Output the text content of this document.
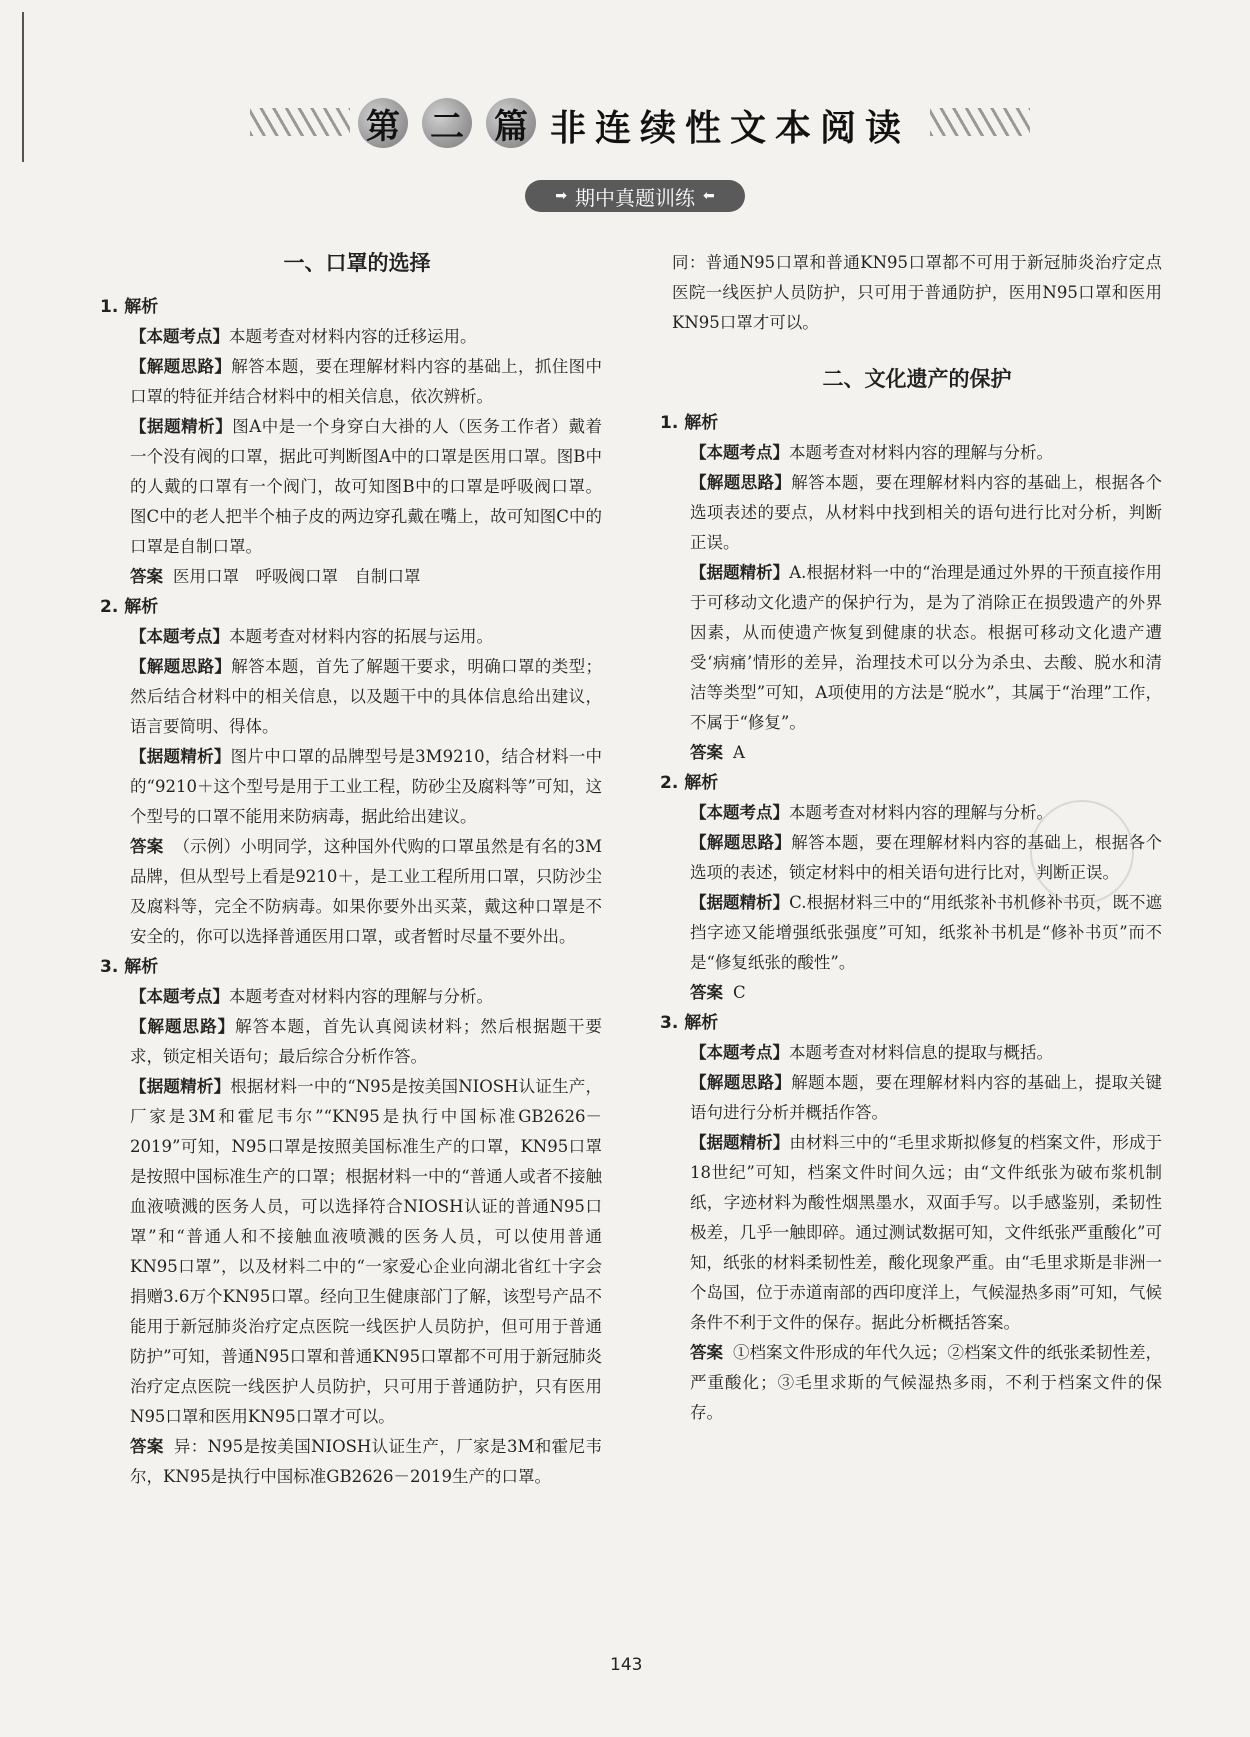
第 二 篇 非连续性文本阅读
➡ 期中真题训练 ⬅
一、口罩的选择
1. 解析

【本题考点】本题考查对材料内容的迁移运用。

【解题思路】解答本题，要在理解材料内容的基础上，抓住图中口罩的特征并结合材料中的相关信息，依次辨析。

【据题精析】图A中是一个身穿白大褂的人（医务工作者）戴着一个没有阀的口罩，据此可判断图A中的口罩是医用口罩。图B中的人戴的口罩有一个阀门，故可知图B中的口罩是呼吸阀口罩。图C中的老人把半个柚子皮的两边穿孔戴在嘴上，故可知图C中的口罩是自制口罩。

答案 医用口罩　呼吸阀口罩　自制口罩

2. 解析

【本题考点】本题考查对材料内容的拓展与运用。

【解题思路】解答本题，首先了解题干要求，明确口罩的类型；然后结合材料中的相关信息，以及题干中的具体信息给出建议，语言要简明、得体。

【据题精析】图片中口罩的品牌型号是3M9210，结合材料一中的“9210＋这个型号是用于工业工程，防砂尘及腐料等”可知，这个型号的口罩不能用来防病毒，据此给出建议。

答案 （示例）小明同学，这种国外代购的口罩虽然是有名的3M品牌，但从型号上看是9210＋，是工业工程所用口罩，只防沙尘及腐料等，完全不防病毒。如果你要外出买菜，戴这种口罩是不安全的，你可以选择普通医用口罩，或者暂时尽量不要外出。

3. 解析

【本题考点】本题考查对材料内容的理解与分析。

【解题思路】解答本题，首先认真阅读材料；然后根据题干要求，锁定相关语句；最后综合分析作答。

【据题精析】根据材料一中的“N95是按美国NIOSH认证生产，厂家是3M和霍尼韦尔”“KN95是执行中国标准GB2626－2019”可知，N95口罩是按照美国标准生产的口罩，KN95口罩是按照中国标准生产的口罩；根据材料一中的“普通人或者不接触血液喷溅的医务人员，可以选择符合NIOSH认证的普通N95口罩”和“普通人和不接触血液喷溅的医务人员，可以使用普通KN95口罩”，以及材料二中的“一家爱心企业向湖北省红十字会捐赠3.6万个KN95口罩。经向卫生健康部门了解，该型号产品不能用于新冠肺炎治疗定点医院一线医护人员防护，但可用于普通防护”可知，普通N95口罩和普通KN95口罩都不可用于新冠肺炎治疗定点医院一线医护人员防护，只可用于普通防护，只有医用N95口罩和医用KN95口罩才可以。

答案 异：N95是按美国NIOSH认证生产，厂家是3M和霍尼韦尔，KN95是执行中国标准GB2626－2019生产的口罩。

同：普通N95口罩和普通KN95口罩都不可用于新冠肺炎治疗定点医院一线医护人员防护，只可用于普通防护，医用N95口罩和医用KN95口罩才可以。

二、文化遗产的保护
1. 解析

【本题考点】本题考查对材料内容的理解与分析。

【解题思路】解答本题，要在理解材料内容的基础上，根据各个选项表述的要点，从材料中找到相关的语句进行比对分析，判断正误。

【据题精析】A.根据材料一中的“治理是通过外界的干预直接作用于可移动文化遗产的保护行为，是为了消除正在损毁遗产的外界因素，从而使遗产恢复到健康的状态。根据可移动文化遗产遭受‘病痛’情形的差异，治理技术可以分为杀虫、去酸、脱水和清洁等类型”可知，A项使用的方法是“脱水”，其属于“治理”工作，不属于“修复”。

答案 A

2. 解析

【本题考点】本题考查对材料内容的理解与分析。

【解题思路】解答本题，要在理解材料内容的基础上，根据各个选项的表述，锁定材料中的相关语句进行比对，判断正误。

【据题精析】C.根据材料三中的“用纸浆补书机修补书页，既不遮挡字迹又能增强纸张强度”可知，纸浆补书机是“修补书页”而不是“修复纸张的酸性”。

答案 C

3. 解析

【本题考点】本题考查对材料信息的提取与概括。

【解题思路】解题本题，要在理解材料内容的基础上，提取关键语句进行分析并概括作答。

【据题精析】由材料三中的“毛里求斯拟修复的档案文件，形成于18世纪”可知，档案文件时间久远；由“文件纸张为破布浆机制纸，字迹材料为酸性烟黑墨水，双面手写。以手感鉴别，柔韧性极差，几乎一触即碎。通过测试数据可知，文件纸张严重酸化”可知，纸张的材料柔韧性差，酸化现象严重。由“毛里求斯是非洲一个岛国，位于赤道南部的西印度洋上，气候湿热多雨”可知，气候条件不利于文件的保存。据此分析概括答案。

答案 ①档案文件形成的年代久远；②档案文件的纸张柔韧性差，严重酸化；③毛里求斯的气候湿热多雨，不利于档案文件的保存。

143
